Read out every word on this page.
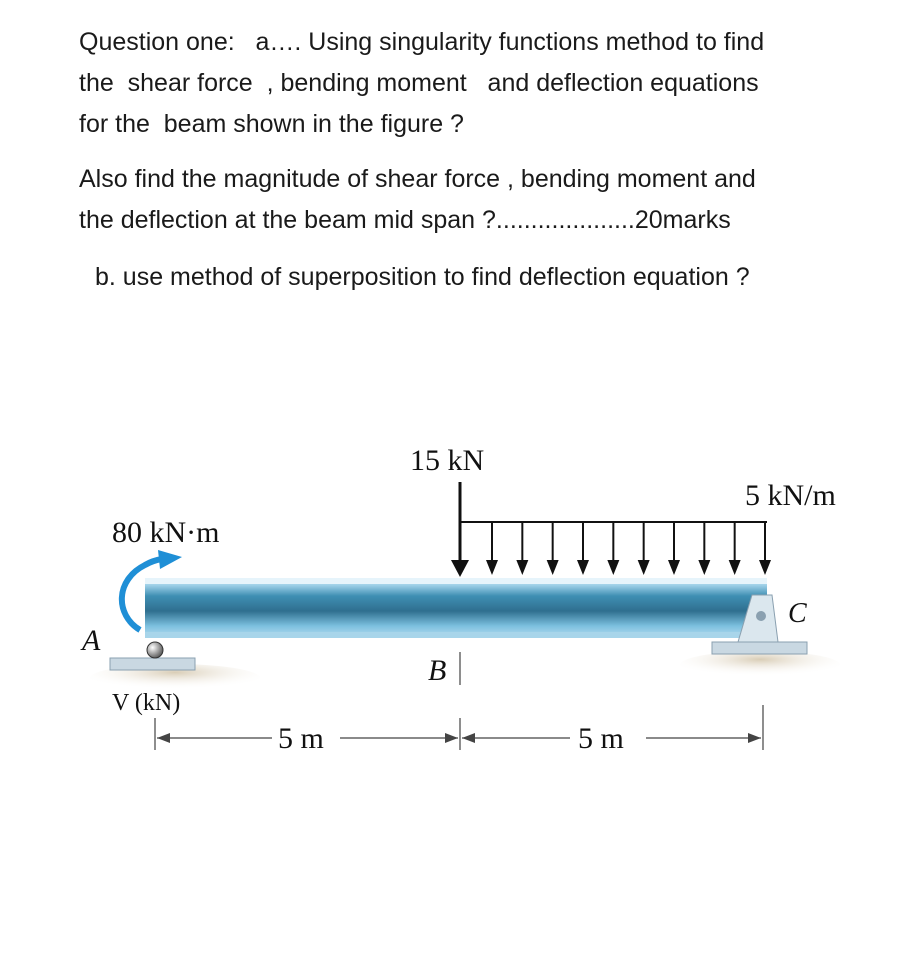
Question one:   a…. Using singularity functions method to find
the  shear force  , bending moment   and deflection equations
for the  beam shown in the figure ?
Also find the magnitude of shear force , bending moment and
the deflection at the beam mid span ?....................20marks
b. use method of superposition to find deflection equation ?
15 kN
5 kN/m
80 kN·m
A
B
C
V (kN)
5 m	5 m
